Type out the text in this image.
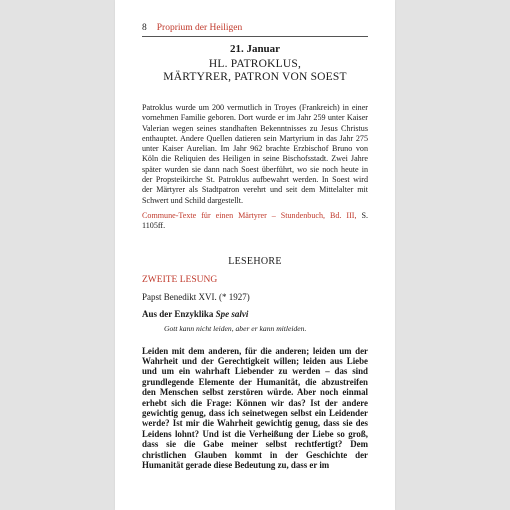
8 Proprium der Heiligen

21. Januar

HL. PATROKLUS,
MÄRTYRER, PATRON VON SOEST

Patroklus wurde um 200 vermutlich in Troyes (Frankreich) in einer vornehmen Familie geboren. Dort wurde er im Jahr 259 unter Kaiser Valerian wegen seines standhaften Bekenntnisses zu Jesus Christus enthauptet. Andere Quellen datieren sein Martyrium in das Jahr 275 unter Kaiser Aurelian. Im Jahr 962 brachte Erzbischof Bruno von Köln die Reliquien des Heiligen in seine Bischofsstadt. Zwei Jahre später wurden sie dann nach Soest überführt, wo sie noch heute in der Propsteikirche St. Patroklus aufbewahrt werden. In Soest wird der Märtyrer als Stadtpatron verehrt und seit dem Mittelalter mit Schwert und Schild dargestellt.

Commune-Texte für einen Märtyrer – Stundenbuch, Bd. III, S. 1105ff.

LESEHORE

ZWEITE LESUNG

Papst Benedikt XVI. (* 1927)

Aus der Enzyklika Spe salvi

Gott kann nicht leiden, aber er kann mitleiden.

Leiden mit dem anderen, für die anderen; leiden um der Wahrheit und der Gerechtigkeit willen; leiden aus Liebe und um ein wahrhaft Liebender zu werden – das sind grundlegende Elemente der Humanität, die abzustreifen den Menschen selbst zerstören würde. Aber noch einmal erhebt sich die Frage: Können wir das? Ist der andere gewichtig genug, dass ich seinetwegen selbst ein Leidender werde? Ist mir die Wahrheit gewichtig genug, dass sie des Leidens lohnt? Und ist die Verheißung der Liebe so groß, dass sie die Gabe meiner selbst rechtfertigt? Dem christlichen Glauben kommt in der Geschichte der Humanität gerade diese Bedeutung zu, dass er im
